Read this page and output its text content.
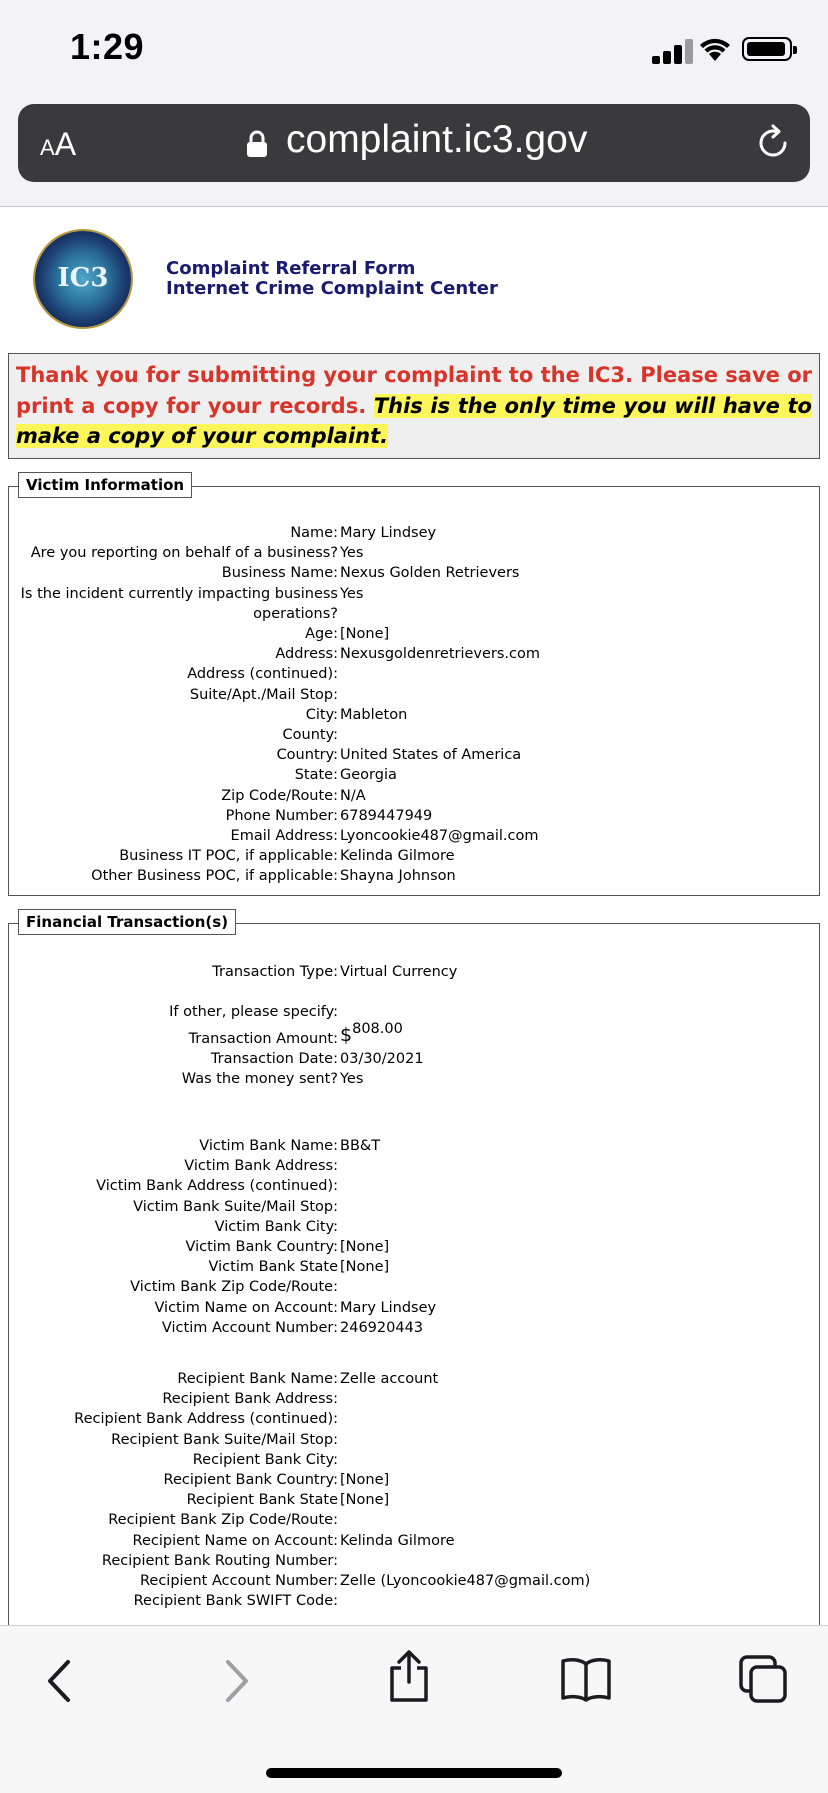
1:29
AA	complaint.ic3.gov
IC3	Complaint Referral Form
Internet Crime Complaint Center
Thank you for submitting your complaint to the IC3. Please save or print a copy for your records. This is the only time you will have to make a copy of your complaint.
Victim Information
Name: Mary Lindsey
Are you reporting on behalf of a business? Yes
Business Name: Nexus Golden Retrievers
Is the incident currently impacting business Yes
operations?
Age: [None]
Address: Nexusgoldenretrievers.com
Address (continued):
Suite/Apt./Mail Stop:
City: Mableton
County:
Country: United States of America
State: Georgia
Zip Code/Route: N/A
Phone Number: 6789447949
Email Address: Lyoncookie487@gmail.com
Business IT POC, if applicable: Kelinda Gilmore
Other Business POC, if applicable: Shayna Johnson
Financial Transaction(s)
Transaction Type: Virtual Currency
If other, please specify:
Transaction Amount: $808.00
Transaction Date: 03/30/2021
Was the money sent? Yes
Victim Bank Name: BB&T
Victim Bank Address:
Victim Bank Address (continued):
Victim Bank Suite/Mail Stop:
Victim Bank City:
Victim Bank Country: [None]
Victim Bank State [None]
Victim Bank Zip Code/Route:
Victim Name on Account: Mary Lindsey
Victim Account Number: 246920443
Recipient Bank Name: Zelle account
Recipient Bank Address:
Recipient Bank Address (continued):
Recipient Bank Suite/Mail Stop:
Recipient Bank City:
Recipient Bank Country: [None]
Recipient Bank State [None]
Recipient Bank Zip Code/Route:
Recipient Name on Account: Kelinda Gilmore
Recipient Bank Routing Number:
Recipient Account Number: Zelle (Lyoncookie487@gmail.com)
Recipient Bank SWIFT Code:
